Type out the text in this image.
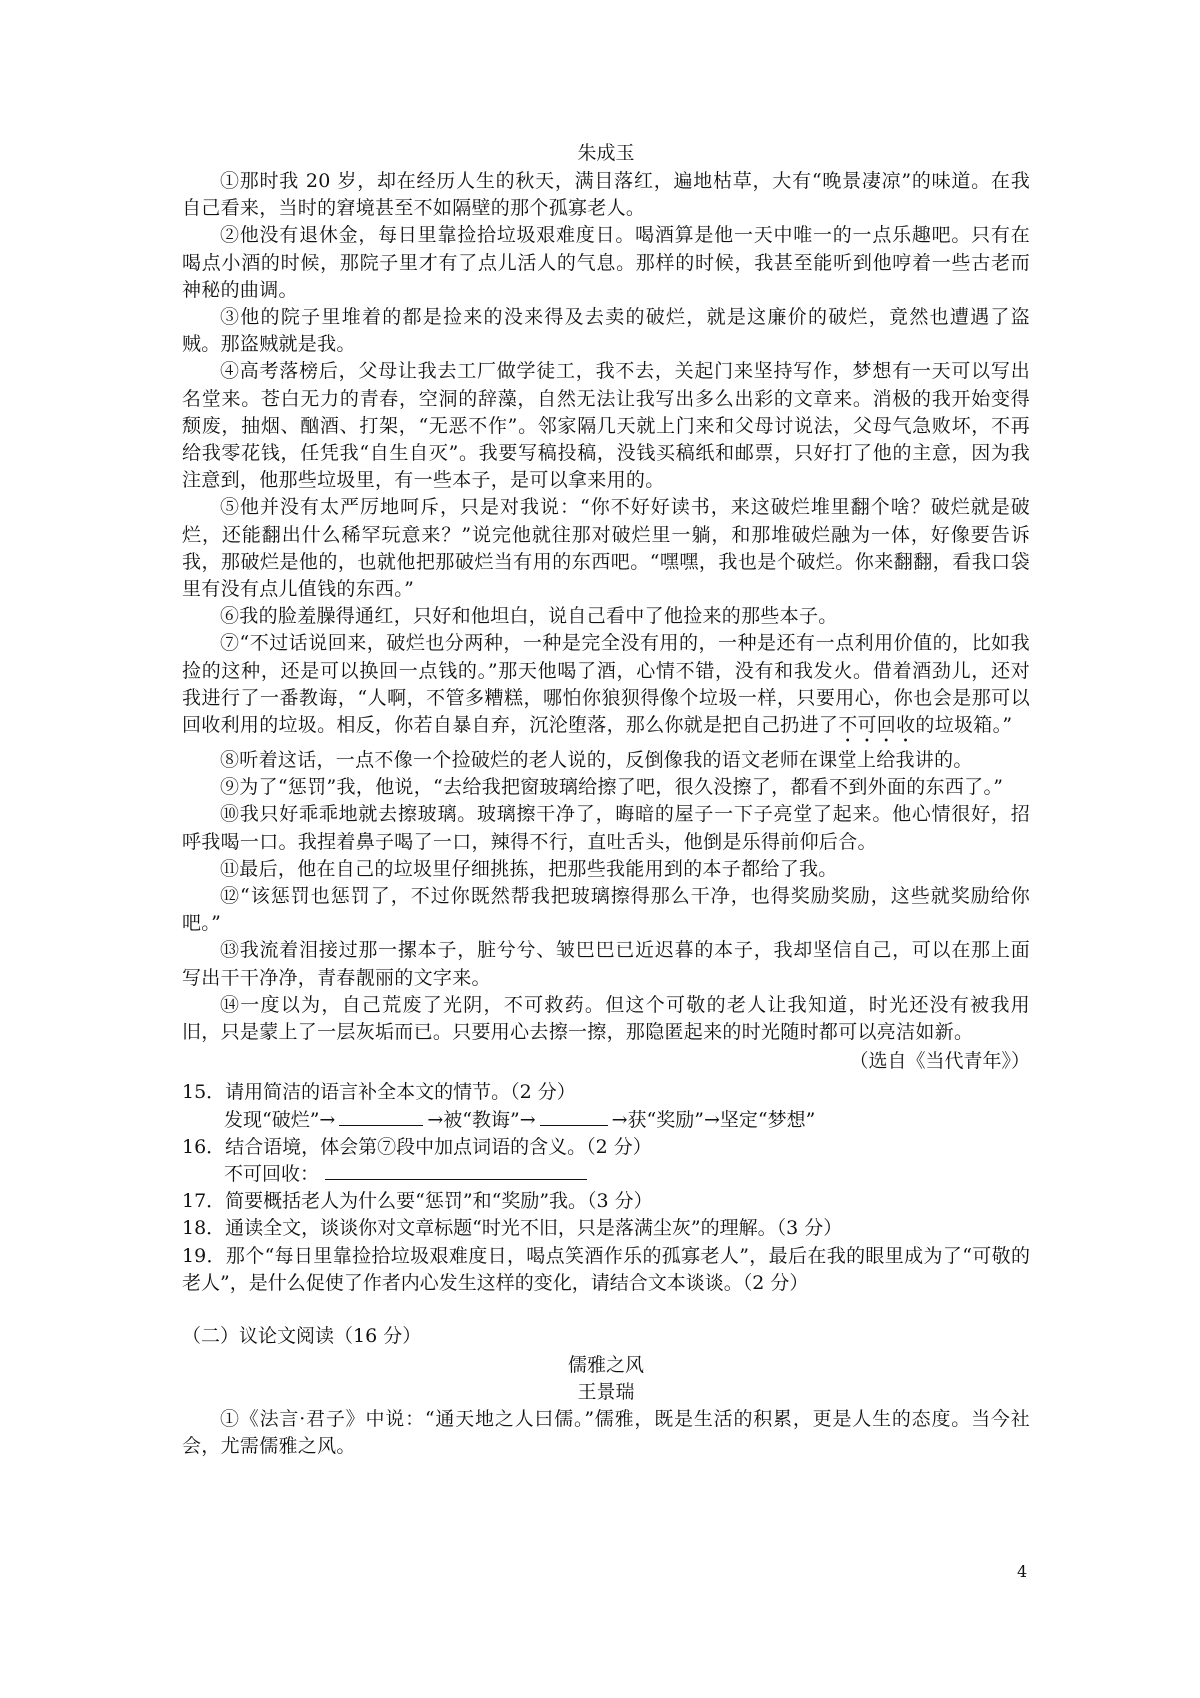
朱成玉

①那时我 20 岁，却在经历人生的秋天，满目落红，遍地枯草，大有“晚景凄凉”的味道。在我自己看来，当时的窘境甚至不如隔壁的那个孤寡老人。

②他没有退休金，每日里靠捡拾垃圾艰难度日。喝酒算是他一天中唯一的一点乐趣吧。只有在喝点小酒的时候，那院子里才有了点儿活人的气息。那样的时候，我甚至能听到他哼着一些古老而神秘的曲调。

③他的院子里堆着的都是捡来的没来得及去卖的破烂，就是这廉价的破烂，竟然也遭遇了盗贼。那盗贼就是我。

④高考落榜后，父母让我去工厂做学徒工，我不去，关起门来坚持写作，梦想有一天可以写出名堂来。苍白无力的青春，空洞的辞藻，自然无法让我写出多么出彩的文章来。消极的我开始变得颓废，抽烟、酗酒、打架，“无恶不作”。邻家隔几天就上门来和父母讨说法，父母气急败坏，不再给我零花钱，任凭我“自生自灭”。我要写稿投稿，没钱买稿纸和邮票，只好打了他的主意，因为我注意到，他那些垃圾里，有一些本子，是可以拿来用的。

⑤他并没有太严厉地呵斥，只是对我说：“你不好好读书，来这破烂堆里翻个啥？破烂就是破烂，还能翻出什么稀罕玩意来？”说完他就往那对破烂里一躺，和那堆破烂融为一体，好像要告诉我，那破烂是他的，也就他把那破烂当有用的东西吧。“嘿嘿，我也是个破烂。你来翻翻，看我口袋里有没有点儿值钱的东西。”

⑥我的脸羞臊得通红，只好和他坦白，说自己看中了他捡来的那些本子。

⑦“不过话说回来，破烂也分两种，一种是完全没有用的，一种是还有一点利用价值的，比如我捡的这种，还是可以换回一点钱的。”那天他喝了酒，心情不错，没有和我发火。借着酒劲儿，还对我进行了一番教诲，“人啊，不管多糟糕，哪怕你狼狈得像个垃圾一样，只要用心，你也会是那可以回收利用的垃圾。相反，你若自暴自弃，沉沦堕落，那么你就是把自己扔进了不可回收的垃圾箱。”

⑧听着这话，一点不像一个捡破烂的老人说的，反倒像我的语文老师在课堂上给我讲的。

⑨为了“惩罚”我，他说，“去给我把窗玻璃给擦了吧，很久没擦了，都看不到外面的东西了。”

⑩我只好乖乖地就去擦玻璃。玻璃擦干净了，晦暗的屋子一下子亮堂了起来。他心情很好，招呼我喝一口。我捏着鼻子喝了一口，辣得不行，直吐舌头，他倒是乐得前仰后合。

⑪最后，他在自己的垃圾里仔细挑拣，把那些我能用到的本子都给了我。

⑫“该惩罚也惩罚了，不过你既然帮我把玻璃擦得那么干净，也得奖励奖励，这些就奖励给你吧。”

⑬我流着泪接过那一摞本子，脏兮兮、皱巴巴已近迟暮的本子，我却坚信自己，可以在那上面写出干干净净，青春靓丽的文字来。

⑭一度以为，自己荒废了光阴，不可救药。但这个可敬的老人让我知道，时光还没有被我用旧，只是蒙上了一层灰垢而已。只要用心去擦一擦，那隐匿起来的时光随时都可以亮洁如新。

（选自《当代青年》）

15．请用简洁的语言补全本文的情节。（2 分）

发现“破烂”→	→被“教诲”→	→获“奖励”→坚定“梦想”

16．结合语境，体会第⑦段中加点词语的含义。（2 分）

不可回收：

17．简要概括老人为什么要“惩罚”和“奖励”我。（3 分）

18．通读全文，谈谈你对文章标题“时光不旧，只是落满尘灰”的理解。（3 分）

19．那个“每日里靠捡拾垃圾艰难度日，喝点笑酒作乐的孤寡老人”，最后在我的眼里成为了“可敬的老人”，是什么促使了作者内心发生这样的变化，请结合文本谈谈。（2 分）

（二）议论文阅读（16 分）
儒雅之风
王景瑞

①《法言·君子》中说：“通天地之人曰儒。”儒雅，既是生活的积累，更是人生的态度。当今社会，尤需儒雅之风。

4
